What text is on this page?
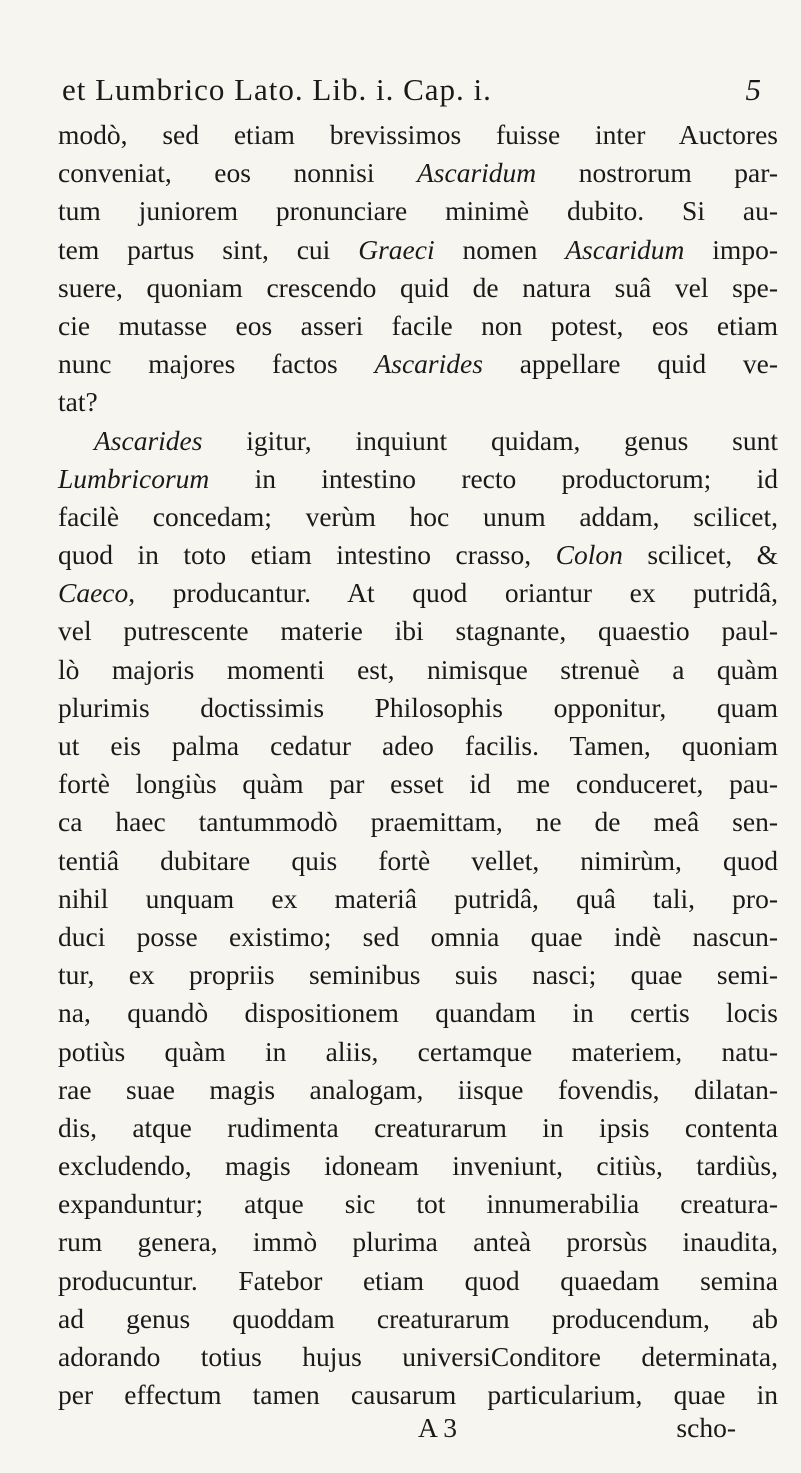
et Lumbrico Lato. Lib. i. Cap. i.	5
modò, sed etiam brevissimos fuisse inter Auctores
conveniat, eos nonnisi Ascaridum nostrorum par-
tum juniorem pronunciare minimè dubito. Si au-
tem partus sint, cui Graeci nomen Ascaridum impo-
suere, quoniam crescendo quid de natura suâ vel spe-
cie mutasse eos asseri facile non potest, eos etiam
nunc majores factos Ascarides appellare quid ve-
tat?
Ascarides igitur, inquiunt quidam, genus sunt
Lumbricorum in intestino recto productorum; id
facilè concedam; verùm hoc unum addam, scilicet,
quod in toto etiam intestino crasso, Colon scilicet, &
Caeco, producantur. At quod oriantur ex putridâ,
vel putrescente materie ibi stagnante, quaestio paul-
lò majoris momenti est, nimisque strenuè a quàm
plurimis doctissimis Philosophis opponitur, quam
ut eis palma cedatur adeo facilis. Tamen, quoniam
fortè longiùs quàm par esset id me conduceret, pau-
ca haec tantummodò praemittam, ne de meâ sen-
tentiâ dubitare quis fortè vellet, nimirùm, quod
nihil unquam ex materiâ putridâ, quâ tali, pro-
duci posse existimo; sed omnia quae indè nascun-
tur, ex propriis seminibus suis nasci; quae semi-
na, quandò dispositionem quandam in certis locis
potiùs quàm in aliis, certamque materiem, natu-
rae suae magis analogam, iisque fovendis, dilatan-
dis, atque rudimenta creaturarum in ipsis contenta
excludendo, magis idoneam inveniunt, citiùs, tardiùs,
expanduntur; atque sic tot innumerabilia creatura-
rum genera, immò plurima anteà prorsùs inaudita,
producuntur. Fatebor etiam quod quaedam semina
ad genus quoddam creaturarum producendum, ab
adorando totius hujus universiConditore determinata,
per effectum tamen causarum particularium, quae in
A 3	scho-
